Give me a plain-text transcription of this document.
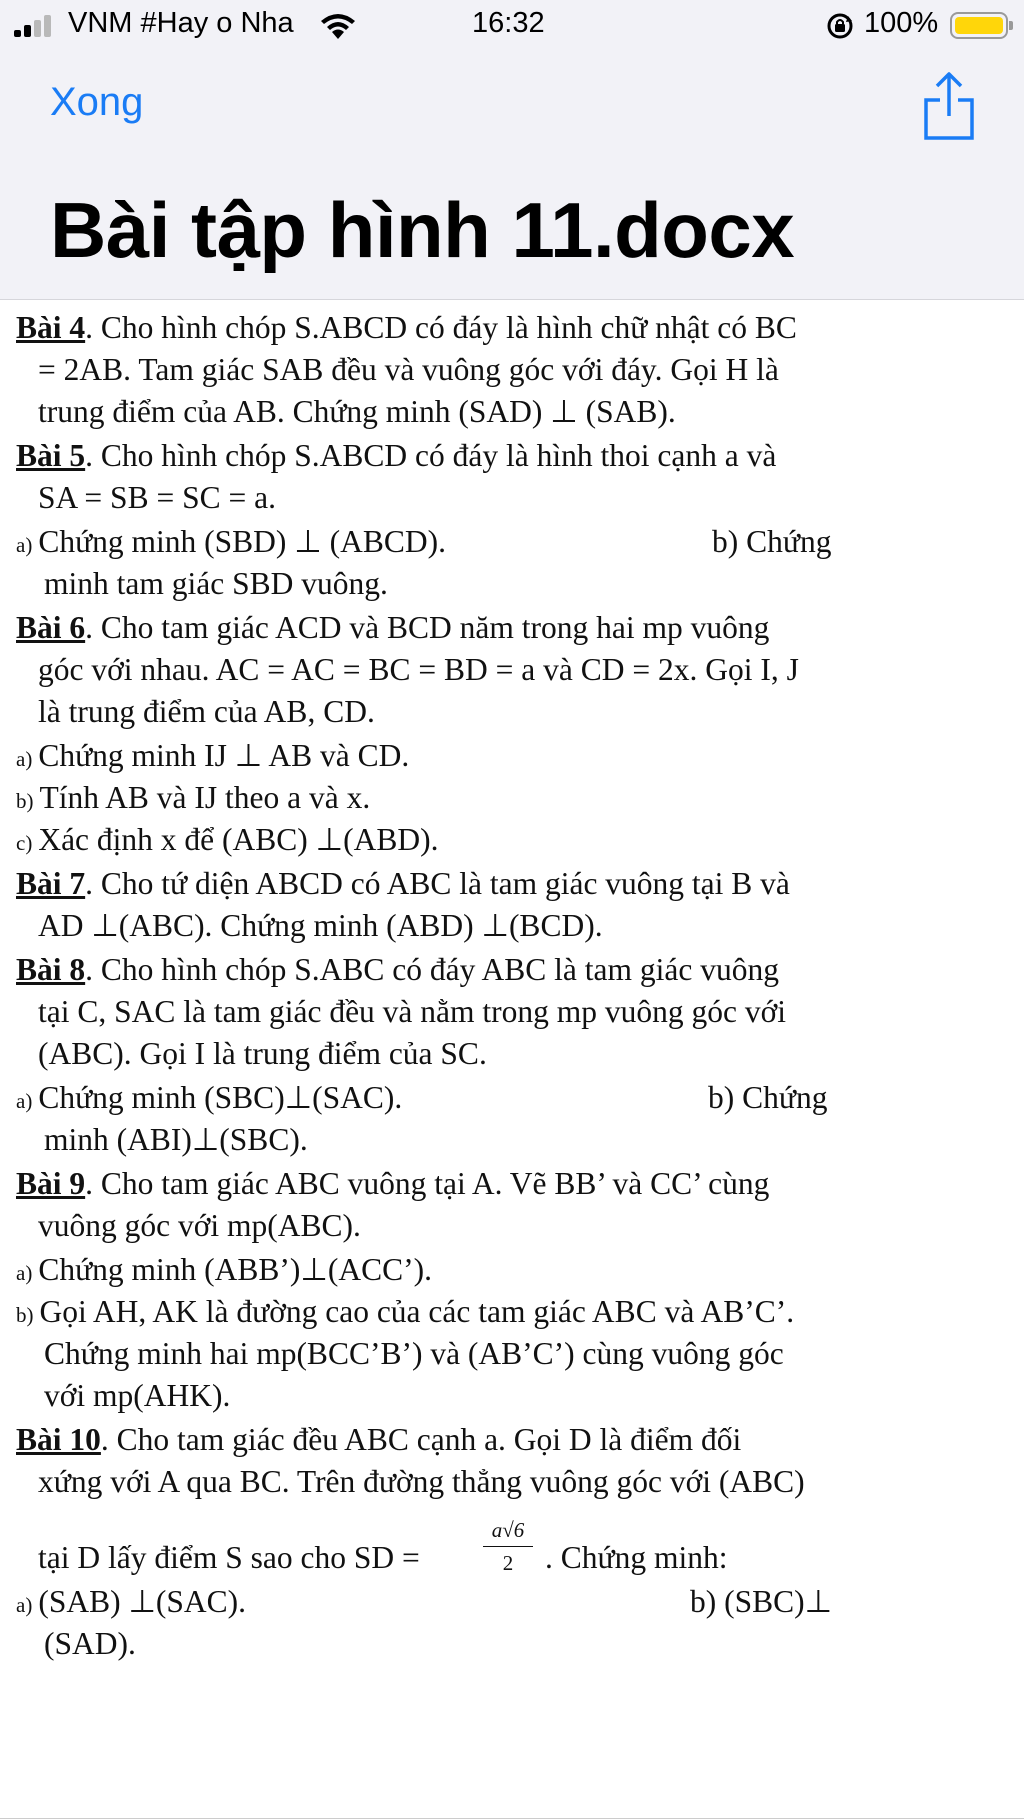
VNM #Hay o Nha	16:32	100%
Xong
Bài tập hình 11.docx
Bài 4. Cho hình chóp S.ABCD có đáy là hình chữ nhật có BC
= 2AB. Tam giác SAB đều và vuông góc với đáy. Gọi H là
trung điểm của AB. Chứng minh (SAD) ⊥ (SAB).
Bài 5. Cho hình chóp S.ABCD có đáy là hình thoi cạnh a và
SA = SB = SC = a.
a) Chứng minh (SBD) ⊥ (ABCD).	b) Chứng
minh tam giác SBD vuông.
Bài 6. Cho tam giác ACD và BCD năm trong hai mp vuông
góc với nhau. AC = AC = BC = BD = a và CD = 2x. Gọi I, J
là trung điểm của AB, CD.
a) Chứng minh IJ ⊥ AB và CD.
b) Tính AB và IJ theo a và x.
c) Xác định x để (ABC) ⊥(ABD).
Bài 7. Cho tứ diện ABCD có ABC là tam giác vuông tại B và
AD ⊥(ABC). Chứng minh (ABD) ⊥(BCD).
Bài 8. Cho hình chóp S.ABC có đáy ABC là tam giác vuông
tại C, SAC là tam giác đều và nằm trong mp vuông góc với
(ABC). Gọi I là trung điểm của SC.
a) Chứng minh (SBC)⊥(SAC).	b) Chứng
minh (ABI)⊥(SBC).
Bài 9. Cho tam giác ABC vuông tại A. Vẽ BB’ và CC’ cùng
vuông góc với mp(ABC).
a) Chứng minh (ABB’)⊥(ACC’).
b) Gọi AH, AK là đường cao của các tam giác ABC và AB’C’.
Chứng minh hai mp(BCC’B’) và (AB’C’) cùng vuông góc
với mp(AHK).
Bài 10. Cho tam giác đều ABC cạnh a. Gọi D là điểm đối
xứng với A qua BC. Trên đường thẳng vuông góc với (ABC)
tại D lấy điểm S sao cho SD =	$\frac{a√6}{2}$ . Chứng minh:
a) (SAB) ⊥(SAC).	b) (SBC)⊥
(SAD).
